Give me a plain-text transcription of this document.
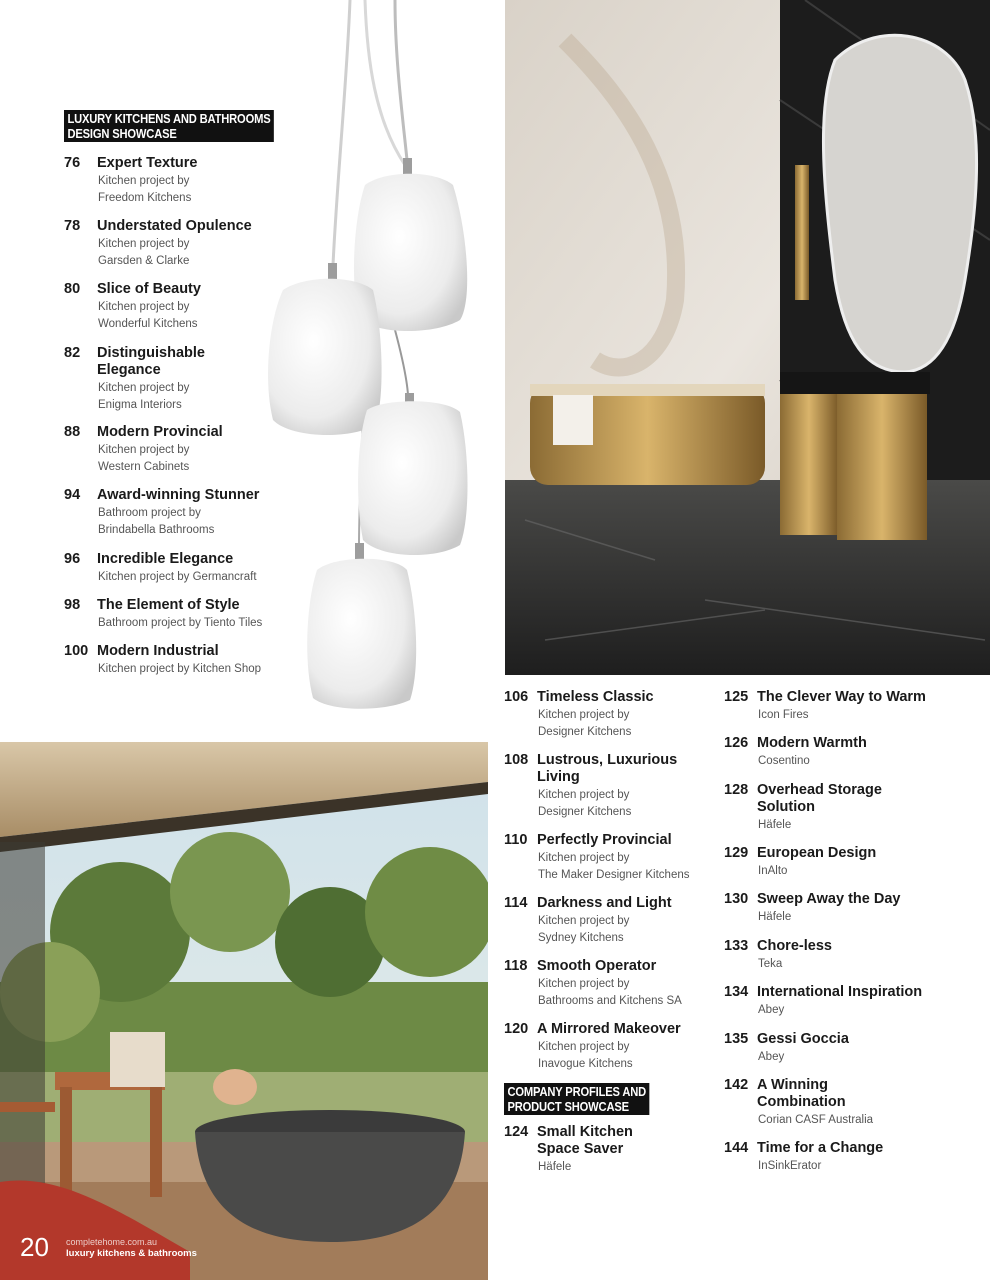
LUXURY KITCHENS AND BATHROOMS
DESIGN SHOWCASE
76 Expert Texture
Kitchen project by
Freedom Kitchens
78 Understated Opulence
Kitchen project by
Garsden & Clarke
80 Slice of Beauty
Kitchen project by
Wonderful Kitchens
82 Distinguishable
Elegance
Kitchen project by
Enigma Interiors
88 Modern Provincial
Kitchen project by
Western Cabinets
94 Award-winning Stunner
Bathroom project by
Brindabella Bathrooms
96 Incredible Elegance
Kitchen project by Germancraft
98 The Element of Style
Bathroom project by Tiento Tiles
100 Modern Industrial
Kitchen project by Kitchen Shop
106 Timeless Classic
Kitchen project by
Designer Kitchens
108 Lustrous, Luxurious
Living
Kitchen project by
Designer Kitchens
110 Perfectly Provincial
Kitchen project by
The Maker Designer Kitchens
114 Darkness and Light
Kitchen project by
Sydney Kitchens
118 Smooth Operator
Kitchen project by
Bathrooms and Kitchens SA
120 A Mirrored Makeover
Kitchen project by
Inavogue Kitchens
COMPANY PROFILES AND
PRODUCT SHOWCASE
124 Small Kitchen
Space Saver
Häfele
125 The Clever Way to Warm
Icon Fires
126 Modern Warmth
Cosentino
128 Overhead Storage
Solution
Häfele
129 European Design
InAlto
130 Sweep Away the Day
Häfele
133 Chore-less
Teka
134 International Inspiration
Abey
135 Gessi Goccia
Abey
142 A Winning
Combination
Corian CASF Australia
144 Time for a Change
InSinkErator
20 completehome.com.au
luxury kitchens & bathrooms
